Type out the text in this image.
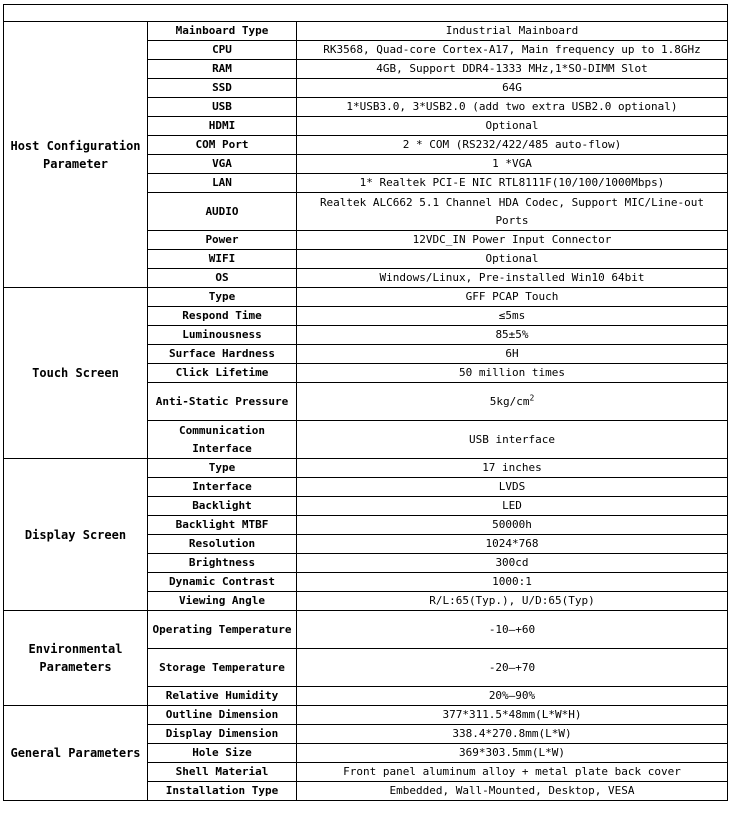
Host Configuration Parameter	Mainboard Type	Industrial Mainboard
	CPU	RK3568, Quad-core Cortex-A17, Main frequency up to 1.8GHz
	RAM	4GB, Support DDR4-1333 MHz,1*SO-DIMM Slot
	SSD	64G
	USB	1*USB3.0, 3*USB2.0 (add two extra USB2.0 optional)
	HDMI	Optional
	COM Port	2 * COM (RS232/422/485 auto-flow)
	VGA	1 *VGA
	LAN	1* Realtek PCI-E NIC RTL8111F(10/100/1000Mbps)
	AUDIO	Realtek ALC662 5.1 Channel HDA Codec, Support MIC/Line-out Ports
	Power	12VDC_IN Power Input Connector
	WIFI	Optional
	OS	Windows/Linux, Pre-installed Win10 64bit
Touch Screen	Type	GFF PCAP Touch
	Respond Time	≤5ms
	Luminousness	85±5%
	Surface Hardness	6H
	Click Lifetime	50 million times
	Anti-Static Pressure	$5kg/cm^2$
	Communication Interface	USB interface
Display Screen	Type	17 inches
	Interface	LVDS
	Backlight	LED
	Backlight MTBF	50000h
	Resolution	1024*768
	Brightness	300cd
	Dynamic Contrast	1000:1
	Viewing Angle	R/L:65(Typ.), U/D:65(Typ)
Environmental Parameters	Operating Temperature	-10—+60
	Storage Temperature	-20—+70
	Relative Humidity	20%—90%
General Parameters	Outline Dimension	377*311.5*48mm(L*W*H)
	Display Dimension	338.4*270.8mm(L*W)
	Hole Size	369*303.5mm(L*W)
	Shell Material	Front panel aluminum alloy + metal plate back cover
	Installation Type	Embedded, Wall-Mounted, Desktop, VESA
